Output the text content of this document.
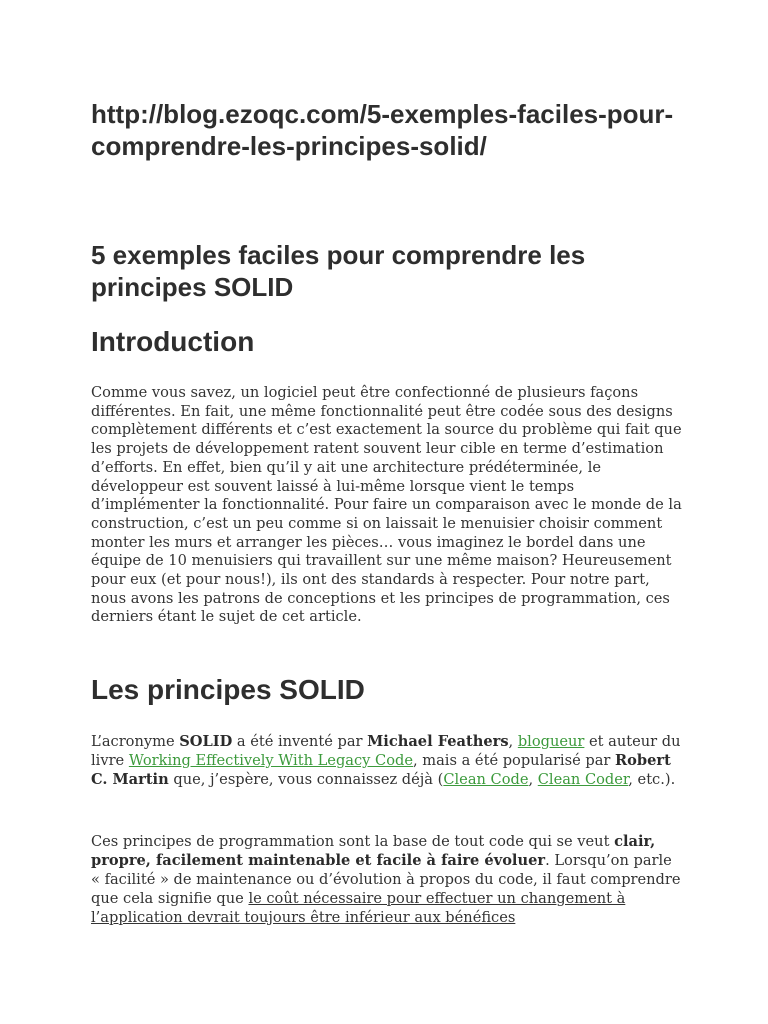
http://blog.ezoqc.com/5-exemples-faciles-pour-comprendre-les-principes-solid/
5 exemples faciles pour comprendre les principes SOLID
Introduction

Comme vous savez, un logiciel peut être confectionné de plusieurs façons différentes. En fait, une même fonctionnalité peut être codée sous des designs complètement différents et c’est exactement la source du problème qui fait que les projets de développement ratent souvent leur cible en terme d’estimation d’efforts. En effet, bien qu’il y ait une architecture prédéterminée, le développeur est souvent laissé à lui-même lorsque vient le temps d’implémenter la fonctionnalité. Pour faire un comparaison avec le monde de la construction, c’est un peu comme si on laissait le menuisier choisir comment monter les murs et arranger les pièces… vous imaginez le bordel dans une équipe de 10 menuisiers qui travaillent sur une même maison? Heureusement pour eux (et pour nous!), ils ont des standards à respecter. Pour notre part, nous avons les patrons de conceptions et les principes de programmation, ces derniers étant le sujet de cet article.

Les principes SOLID

L’acronyme SOLID a été inventé par Michael Feathers, blogueur et auteur du livre Working Effectively With Legacy Code, mais a été popularisé par Robert C. Martin que, j’espère, vous connaissez déjà (Clean Code, Clean Coder, etc.).

Ces principes de programmation sont la base de tout code qui se veut clair, propre, facilement maintenable et facile à faire évoluer. Lorsqu’on parle « facilité » de maintenance ou d’évolution à propos du code, il faut comprendre que cela signifie que le coût nécessaire pour effectuer un changement à l’application devrait toujours être inférieur aux bénéfices
